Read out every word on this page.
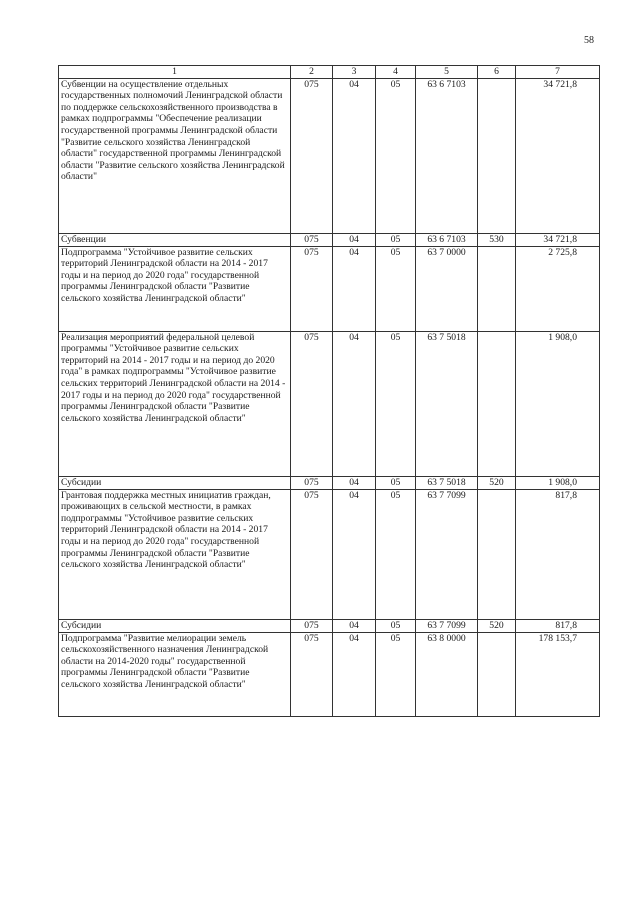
58
1	2	3	4	5	6	7
Субвенции на осуществление отдельных государственных полномочий Ленинградской области по поддержке сельскохозяйственного производства в рамках подпрограммы "Обеспечение реализации государственной программы Ленинградской области "Развитие сельского хозяйства Ленинградской области" государственной программы Ленинградской области "Развитие сельского хозяйства Ленинградской области"	075	04	05	63 6 7103		34 721,8
Субвенции	075	04	05	63 6 7103	530	34 721,8
Подпрограмма "Устойчивое развитие сельских территорий Ленинградской области на 2014 - 2017 годы и на период до 2020 года" государственной программы Ленинградской области "Развитие сельского хозяйства Ленинградской области"	075	04	05	63 7 0000		2 725,8
Реализация мероприятий федеральной целевой программы "Устойчивое развитие сельских территорий на 2014 - 2017 годы и на период до 2020 года" в рамках подпрограммы "Устойчивое развитие сельских территорий Ленинградской области на 2014 - 2017 годы и на период до 2020 года" государственной программы Ленинградской области "Развитие сельского хозяйства Ленинградской области"	075	04	05	63 7 5018		1 908,0
Субсидии	075	04	05	63 7 5018	520	1 908,0
Грантовая поддержка местных инициатив граждан, проживающих в сельской местности, в рамках подпрограммы "Устойчивое развитие сельских территорий Ленинградской области на 2014 - 2017 годы и на период до 2020 года" государственной программы Ленинградской области "Развитие сельского хозяйства Ленинградской области"	075	04	05	63 7 7099		817,8
Субсидии	075	04	05	63 7 7099	520	817,8
Подпрограмма "Развитие мелиорации земель сельскохозяйственного назначения Ленинградской области на 2014-2020 годы" государственной программы Ленинградской области "Развитие сельского хозяйства Ленинградской области"	075	04	05	63 8 0000		178 153,7
